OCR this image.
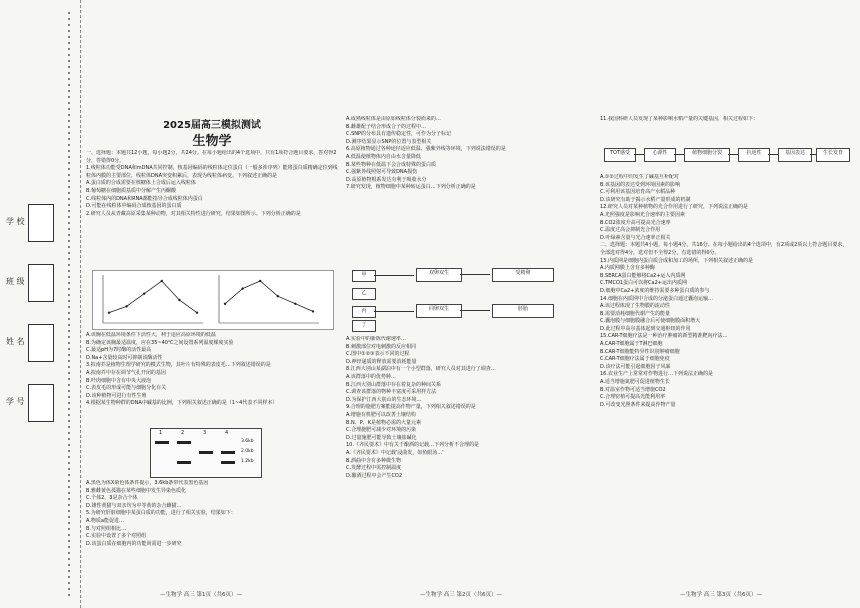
学 校
班 级
姓 名
学 号
2025届高三模拟测试
生物学

一、选择题：本题共12小题，每小题2分，共24分。在每小题给出的4个选项中，只有1项符合题目要求，答对得2分，答错得0分。
1.线粒体功能受DNA和mDNA共同控制，核基因编码的线粒体定位蛋白（一般多涉序列）能将蛋白质精确定位到线粒体内膜的主要部位，线粒体DNA突变积累后，表现为线粒体病变。下列叙述正确的是
A.蛋白质的合成需要在核糖体上合成后运入线粒体
B.葡萄糖在细胞质基质中分解产生丙酮酸
C.线粒体内的DNA和RNA都能指导合成线粒体内蛋白
D.可能在线粒体中编码合成核基因的蛋白质
2.研究人员从青藏高原采集某种动物，对其相关特性进行研究，结果如图所示。下列分析正确的是

A.该胸在低温环境条件下活性大，利于适应高原环境的低温
B.为确定该胸最适温度，应在35~40℃之间设置系列温度梯度实验
C.最适pH为7时酶的活性最高
D.Na+含量较高时可抑制该酶活性
3.拟南芥是植物生理学研究的模式生物，其叶片有特殊的表皮毛…下列叙述错误的是
A.拟南芥中存在调节气孔开闭的基因
B.叶肉细胞中含有中央大液泡
C.表皮毛的形成可能与细胞分化有关
D.该种植物可进行有性生殖
4.根据某生物种群的DNA中碱基的比例，下列相关叙述正确的是（1~4代表不同样本）

1	2	3	4
3.6kb
2.0kb
1.2kb

A.黑色为体X染色体条件提示，3.6kb条带代表黑色基因
B.雅雌黄色孤猫在某些细胞中发生异染色质化
C.个体2，3是杂合个体
D.雄性黄猫与双亲均为中等黄的杂合雌猫…
5.为研究肝脏细胞中某蛋白质的功能，进行了相关实验，结果如下：
A.物质a能促进…
B.与对照组相比…
C.实验中设置了多个对照组
D.该蛋白质在细胞内的功能尚需进一步研究

—生物学 高三 第1页（共6页）—

A.成熟线粒体是由原始线粒体分裂而来的…
B.雌雄配子结合形成合子的过程中…
C.SNP的分布具有遗传稳定性，可作为分子标记
D.测序结果显示SNP的位置与表型相关
6.高原植物通过各种途径适应低温、强紫外线等环境，下列说法错误的是
A.低温使植物体内自由水含量降低
B.某些物种在低温下会合成特殊的蛋白质
C.强紫外线照射可导致DNA损伤
D.高原植物根系发达有利于吸收水分
7.研究发现，植物细胞中某种转运蛋白…下列分析正确的是

甲
乙
丙
丁
双卵双生
同卵双生
受精卵
胚胎

A.实验中的新陈代谢速率…
B.刺激部位对电刺激的反应相同
C.图中①②③表示不同的过程
D.神经递质的释放需要消耗能量
8.江西大别山某湖泊中有一个小型群落，研究人员对其进行了调查…
A.该群落中的优势种…
B.江西大别山群落中存在着复杂的种间关系
C.调查该群落的物种丰富度可采用样方法
D.为保护江西大别山的生态环境…
9.合理的施肥方案能提高作物产量，下列相关叙述错误的是
A.增施有机肥可以改善土壤结构
B.N、P、K是植物必需的大量元素
C.合理施肥可减少对环境的污染
D.过量施肥可能导致土壤盐碱化
10.《齐民要术》中有关于酿酒的记载…下列分析不合理的是
A.《齐民要术》中记载'浸曲发，如鱼眼汤…'
B.酒曲中含有多种微生物
C.发酵过程中需控制温度
D.酿酒过程中会产生CO2

—生物学 高三 第2页（共6页）—

11.我国科研人员发现了某种影响水稻产量的关键基因，相关过程如下：

TOT感受	心源性	植物细胞分裂	抗逆性	基因表达	生长发育

A.①②过程中均发生了碱基互补配对
B.该基因的表达受到环境因素的影响
C.可利用该基因培育高产水稻品种
D.该研究有助于揭示水稻产量形成的机制
12.研究人员对某种植物的光合作用进行了研究，下列说法正确的是
A.光照强度是影响光合速率的主要因素
B.CO2浓度升高可提高光合速率
C.温度过高会抑制光合作用
D.叶绿素含量与光合速率正相关
二、选择题：本题共4小题，每小题4分，共16分。在每小题给出的4个选项中，有2项或2项以上符合题目要求，全部选对得4分，选对但不全得2分，有选错的得0分。
13.内质网是细胞内蛋白质合成和加工的场所，下列相关叙述正确的是
A.内质网膜上含有多种酶
B.SERCA蛋白能够将Ca2+运入内质网
C.TMCO1蛋白可以将Ca2+运出内质网
D.细胞中Ca2+浓度的维持需要多种蛋白质的参与
14.细胞在内质网中合成的分泌蛋白通过囊泡运输…
A.该过程体现了生物膜的流动性
B.需要消耗细胞代谢产生的能量
C.囊泡膜与细胞膜融合后可使细胞膜面积增大
D.此过程中高尔基体起到交通枢纽的作用
15.CAR-T细胞疗法是一种治疗肿瘤的新型精准靶向疗法…
A.CAR-T细胞属于T淋巴细胞
B.CAR-T细胞能特异性识别肿瘤细胞
C.CAR-T细胞疗法属于细胞免疫
D.该疗法可能引起细胞因子风暴
16.农业生产上常常对作物进行…下列说法正确的是
A.适当增施氮肥可促进植物生长
B.对温室作物可适当增施CO2
C.合理密植可提高光能利用率
D.可改变光照条件来提高作物产量

—生物学 高三 第3页（共6页）—
